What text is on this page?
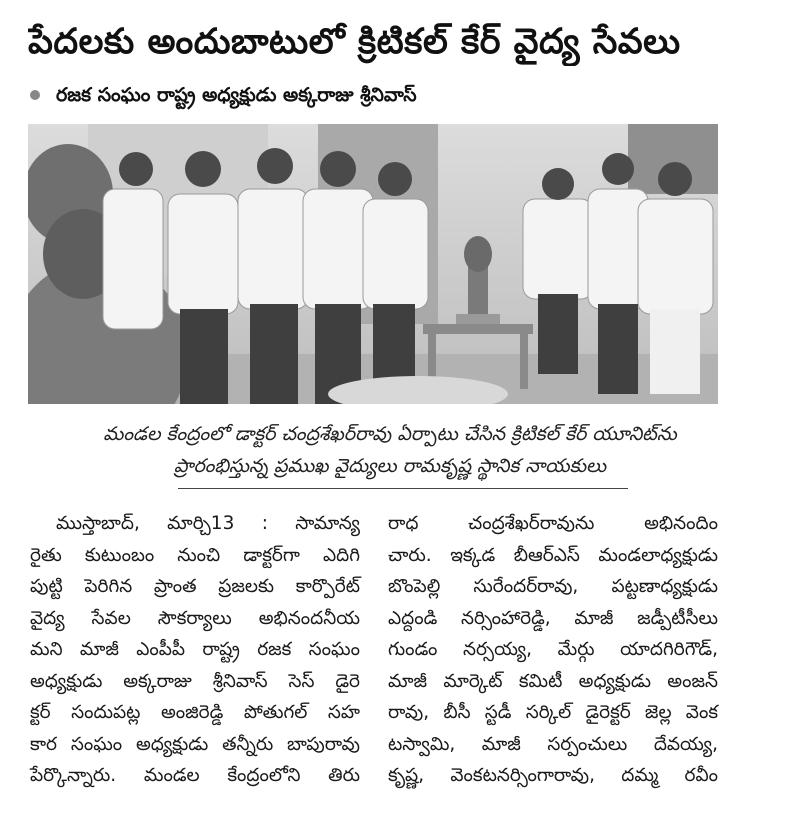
పేదలకు అందుబాటులో క్రిటికల్ కేర్ వైద్య సేవలు
రజక సంఘం రాష్ట్ర అధ్యక్షుడు అక్కరాజు శ్రీనివాస్
మండల కేంద్రంలో డాక్టర్ చంద్రశేఖర్‌రావు ఏర్పాటు చేసిన క్రిటికల్ కేర్ యూనిట్‌ను
ప్రారంభిస్తున్న ప్రముఖ వైద్యులు రామకృష్ణ స్థానిక నాయకులు
ముస్తాబాద్, మార్చి13 : సామాన్య
రైతు కుటుంబం నుంచి డాక్టర్‌గా ఎదిగి
పుట్టి పెరిగిన ప్రాంత ప్రజలకు కార్పొరేట్
వైద్య సేవల సౌకర్యాలు అభినందనీయ
మని మాజీ ఎంపీపీ రాష్ట్ర రజక సంఘం
అధ్యక్షుడు అక్కరాజు శ్రీనివాస్ సెస్ డైరె
క్టర్ సందుపట్ల అంజిరెడ్డి పోతుగల్ సహ
కార సంఘం అధ్యక్షుడు తన్నీరు బాపురావు
పేర్కొన్నారు. మండల కేంద్రంలోని తిరు
రాధ చంద్రశేఖర్‌రావును అభినందిం
చారు. ఇక్కడ బీఆర్ఎస్ మండలాధ్యక్షుడు
బొంపెల్లి సురేందర్‌రావు, పట్టణాధ్యక్షుడు
ఎద్దండి నర్సింహారెడ్డి, మాజీ జడ్పీటీసీలు
గుండం నర్సయ్య, మేర్గు యాదగిరిగౌడ్,
మాజీ మార్కెట్ కమిటీ అధ్యక్షుడు అంజన్
రావు, బీసీ స్టడీ సర్కిల్ డైరెక్టర్ జెల్ల వెంక
టస్వామి, మాజీ సర్పంచులు దేవయ్య,
కృష్ణ, వెంకటనర్సింగారావు, దమ్మ రవీం
